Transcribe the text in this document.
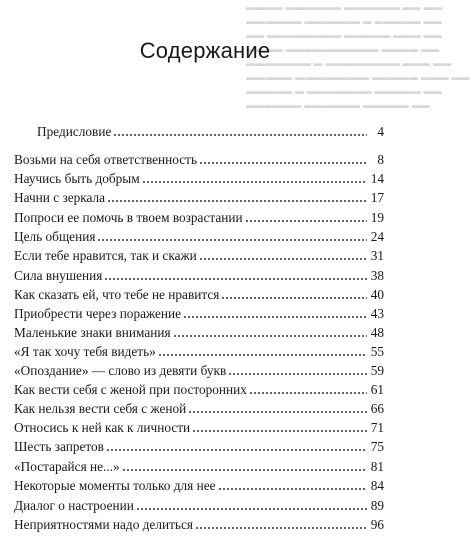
▬▬▬▬ ▬▬▬▬▬▬ ▬▬▬▬▬▬ ▬▬ ▬▬
▬▬▬▬▬▬ ▬▬▬▬▬▬ ▬ ▬▬▬▬▬ ▬▬
▬▬ ▬▬▬▬▬▬▬▬ ▬▬▬▬▬ ▬▬▬ ▬▬
▬▬▬▬ ▬▬▬▬▬▬▬▬▬▬ ▬▬▬▬ ▬▬
▬▬▬▬▬▬▬ ▬ ▬▬▬▬▬▬▬▬ ▬▬▬ ▬▬
▬▬▬▬▬ ▬▬▬▬▬▬▬▬ ▬▬▬▬▬ ▬▬▬ ▬▬
▬▬▬▬▬ ▬ ▬▬▬▬▬▬▬ ▬▬▬▬▬ ▬▬
▬▬▬▬▬▬ ▬▬▬▬▬▬ ▬▬▬▬▬ ▬▬
Содержание
Предисловие	4
Возьми на себя ответственность	8
Научись быть добрым	14
Начни с зеркала	17
Попроси ее помочь в твоем возрастании	19
Цель общения	24
Если тебе нравится, так и скажи	31
Сила внушения	38
Как сказать ей, что тебе не нравится	40
Приобрести через поражение	43
Маленькие знаки внимания	48
«Я так хочу тебя видеть»	55
«Опоздание» — слово из девяти букв	59
Как вести себя с женой при посторонних	61
Как нельзя вести себя с женой	66
Относись к ней как к личности	71
Шесть запретов	75
«Постарайся не...»	81
Некоторые моменты только для нее	84
Диалог о настроении	89
Неприятностями надо делиться	96
